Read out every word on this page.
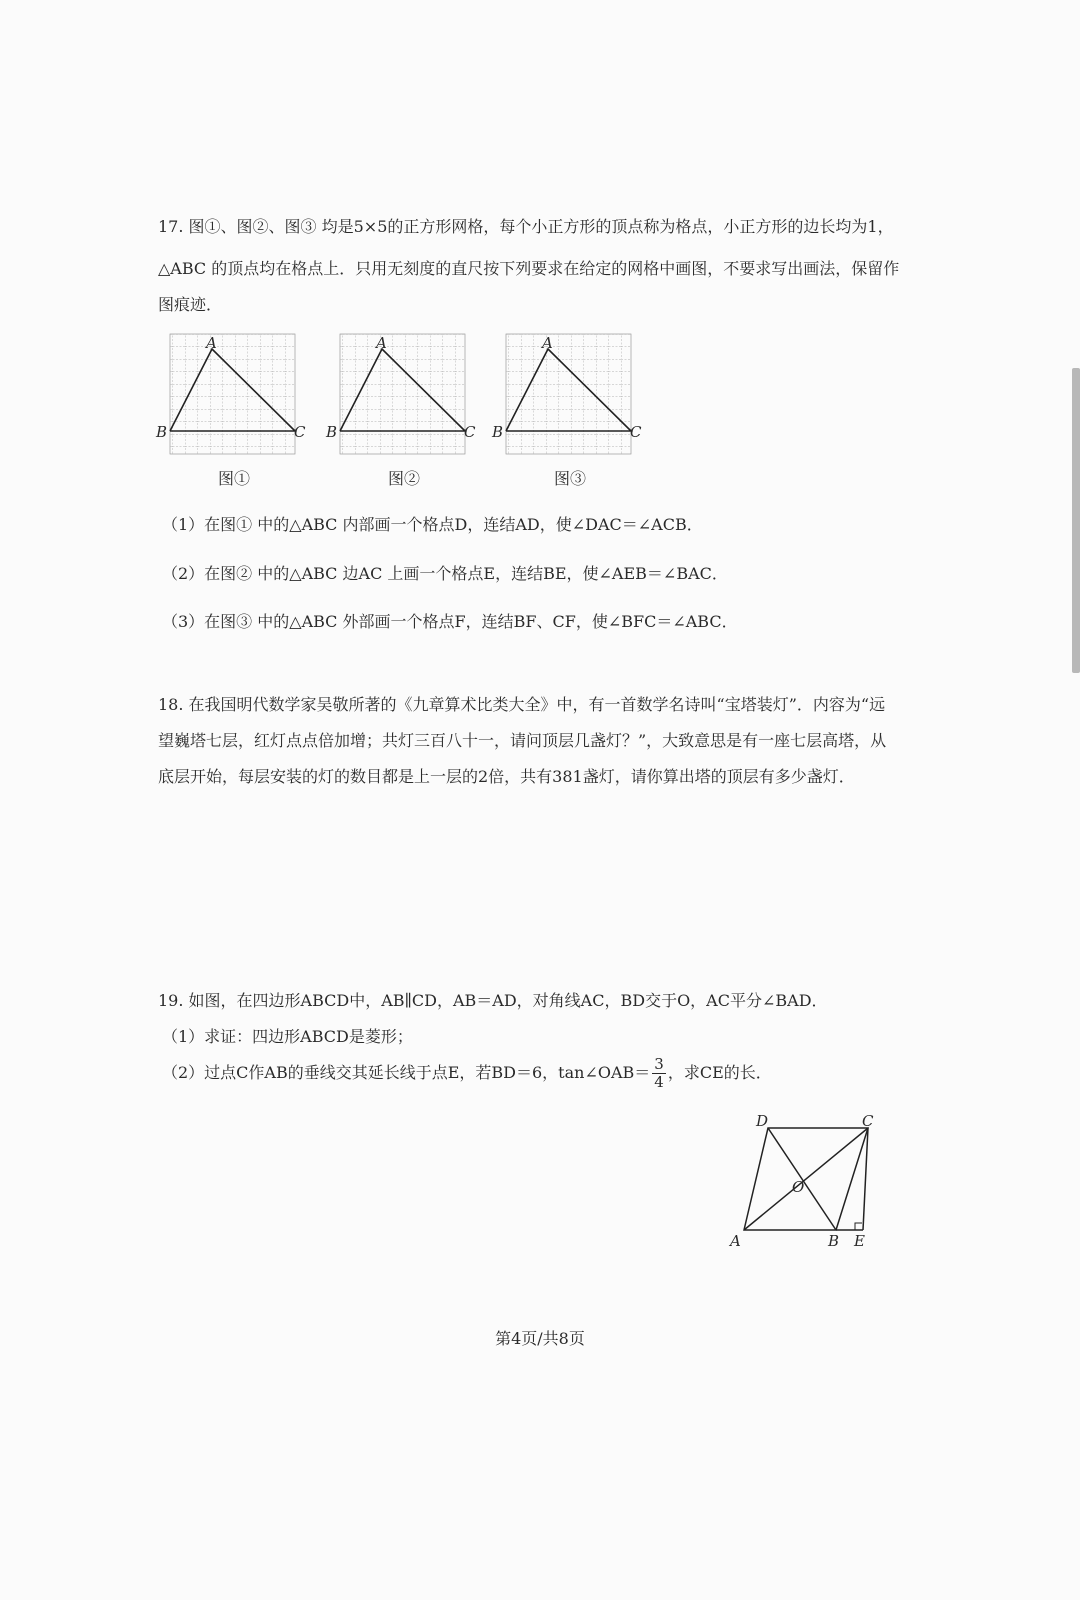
17. 图①、图②、图③ 均是5×5的正方形网格，每个小正方形的顶点称为格点，小正方形的边长均为1，
△ABC 的顶点均在格点上．只用无刻度的直尺按下列要求在给定的网格中画图，不要求写出画法，保留作
图痕迹．
A
B	C
图①
A
B	C
图②
A
B	C
图③
（1）在图① 中的△ABC 内部画一个格点D，连结AD，使∠DAC＝∠ACB．
（2）在图② 中的△ABC 边AC 上画一个格点E，连结BE，使∠AEB＝∠BAC．
（3）在图③ 中的△ABC 外部画一个格点F，连结BF、CF，使∠BFC＝∠ABC．
18. 在我国明代数学家吴敬所著的《九章算术比类大全》中，有一首数学名诗叫“宝塔装灯”．内容为“远
望巍塔七层，红灯点点倍加增；共灯三百八十一，请问顶层几盏灯？”，大致意思是有一座七层高塔，从
底层开始，每层安装的灯的数目都是上一层的2倍，共有381盏灯，请你算出塔的顶层有多少盏灯．
19. 如图，在四边形ABCD中，AB∥CD，AB＝AD，对角线AC，BD交于O，AC平分∠BAD．
（1）求证：四边形ABCD是菱形；
（2）过点C作AB的垂线交其延长线于点E，若BD＝6，tan∠OAB＝ $\frac{3}{4}$ ，求CE的长．
D	C
O
A	B E
第4页/共8页
